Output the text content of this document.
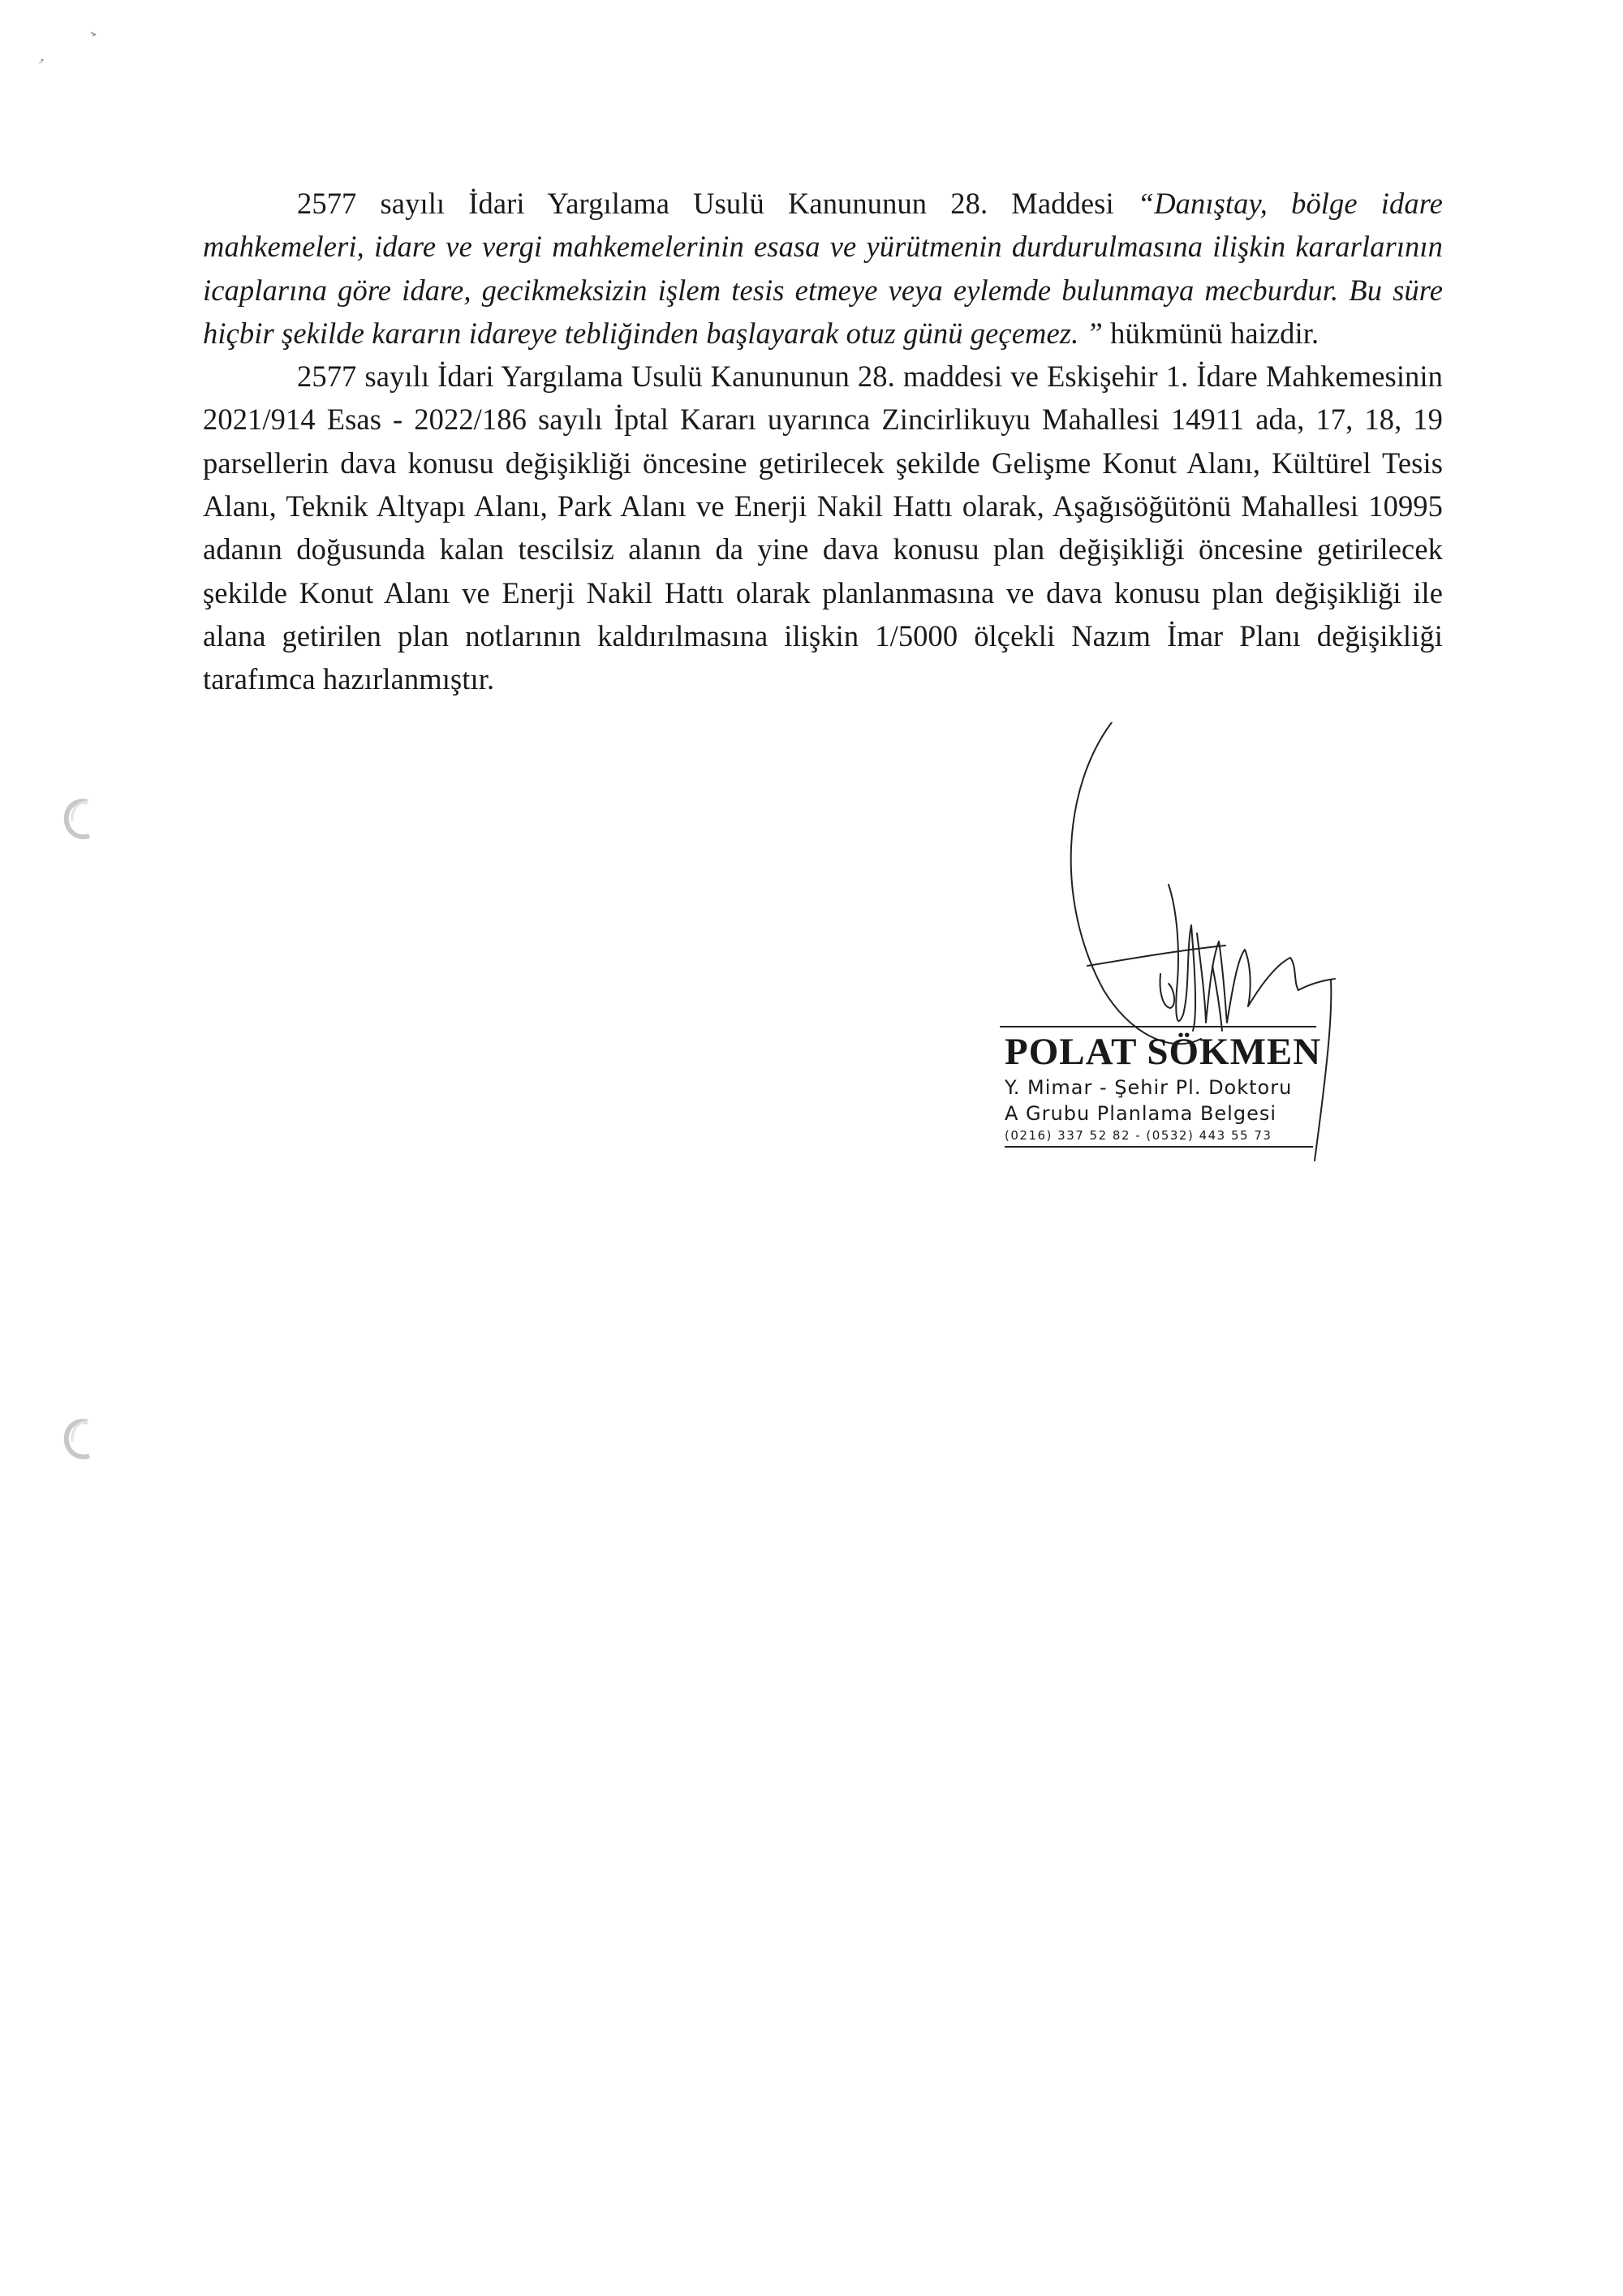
2577 sayılı İdari Yargılama Usulü Kanununun 28. Maddesi “Danıştay, bölge idare mahkemeleri, idare ve vergi mahkemelerinin esasa ve yürütmenin durdurulmasına ilişkin kararlarının icaplarına göre idare, gecikmeksizin işlem tesis etmeye veya eylemde bulunmaya mecburdur. Bu süre hiçbir şekilde kararın idareye tebliğinden başlayarak otuz günü geçemez. ” hükmünü haizdir.

2577 sayılı İdari Yargılama Usulü Kanununun 28. maddesi ve Eskişehir 1. İdare Mahkemesinin 2021/914 Esas - 2022/186 sayılı İptal Kararı uyarınca Zincirlikuyu Mahallesi 14911 ada, 17, 18, 19 parsellerin dava konusu değişikliği öncesine getirilecek şekilde Gelişme Konut Alanı, Kültürel Tesis Alanı, Teknik Altyapı Alanı, Park Alanı ve Enerji Nakil Hattı olarak, Aşağısöğütönü Mahallesi 10995 adanın doğusunda kalan tescilsiz alanın da yine dava konusu plan değişikliği öncesine getirilecek şekilde Konut Alanı ve Enerji Nakil Hattı olarak planlanmasına ve dava konusu plan değişikliği ile alana getirilen plan notlarının kaldırılmasına ilişkin 1/5000 ölçekli Nazım İmar Planı değişikliği tarafımca hazırlanmıştır.

POLAT SÖKMEN

Y. Mimar - Şehir Pl. Doktoru

A Grubu Planlama Belgesi

(0216) 337 52 82 - (0532) 443 55 73
